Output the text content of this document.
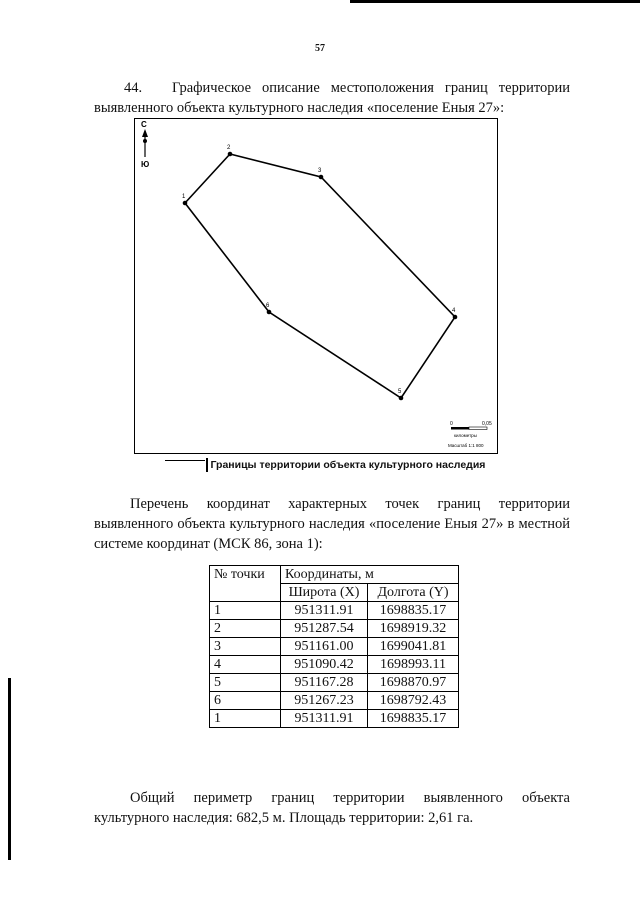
57
44. Графическое описание местоположения границ территории выявленного объекта культурного наследия «поселение Еныя 27»:
С
Ю
1
2
3
4
5
6
0	0,05
километры
Масштаб 1:1 800
Границы территории объекта культурного наследия
Перечень координат характерных точек границ территории выявленного объекта культурного наследия «поселение Еныя 27» в местной системе координат (МСК 86, зона 1):
№ точки	Координаты, м	
	Широта (X)	Долгота (Y)
1	951311.91	1698835.17
2	951287.54	1698919.32
3	951161.00	1699041.81
4	951090.42	1698993.11
5	951167.28	1698870.97
6	951267.23	1698792.43
1	951311.91	1698835.17
Общий периметр границ территории выявленного объекта культурного наследия: 682,5 м. Площадь территории: 2,61 га.
